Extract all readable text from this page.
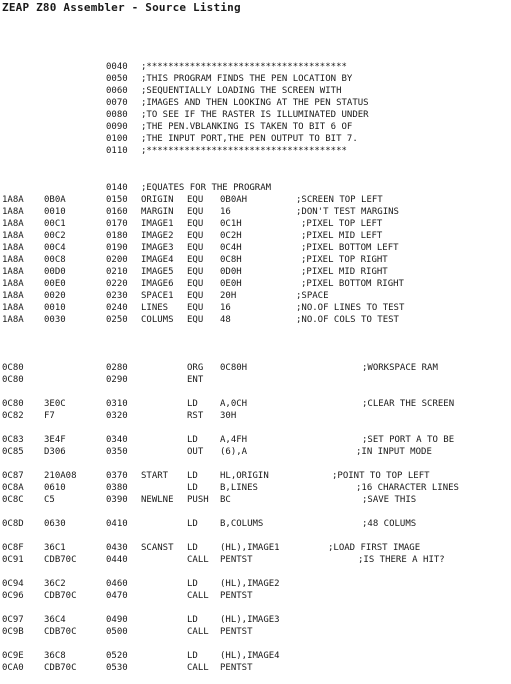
ZEAP Z80 Assembler - Source Listing
0040 ;*************************************
0050 ;THIS PROGRAM FINDS THE PEN LOCATION BY
0060 ;SEQUENTIALLY LOADING THE SCREEN WITH
0070 ;IMAGES AND THEN LOOKING AT THE PEN STATUS
0080 ;TO SEE IF THE RASTER IS ILLUMINATED UNDER
0090 ;THE PEN.VBLANKING IS TAKEN TO BIT 6 OF
0100 ;THE INPUT PORT,THE PEN OUTPUT TO BIT 7.
0110 ;*************************************
0140 ;EQUATES FOR THE PROGRAM
1A8A 0B0A	0150 ORIGIN EQU 0B0AH	;SCREEN TOP LEFT
1A8A 0010	0160 MARGIN EQU 16	;DON'T TEST MARGINS
1A8A 00C1	0170 IMAGE1 EQU 0C1H	;PIXEL TOP LEFT
1A8A 00C2	0180 IMAGE2 EQU 0C2H	;PIXEL MID LEFT
1A8A 00C4	0190 IMAGE3 EQU 0C4H	;PIXEL BOTTOM LEFT
1A8A 00C8	0200 IMAGE4 EQU 0C8H	;PIXEL TOP RIGHT
1A8A 00D0	0210 IMAGE5 EQU 0D0H	;PIXEL MID RIGHT
1A8A 00E0	0220 IMAGE6 EQU 0E0H	;PIXEL BOTTOM RIGHT
1A8A 0020	0230 SPACE1 EQU 20H	;SPACE
1A8A 0010	0240 LINES EQU 16	;NO.OF LINES TO TEST
1A8A 0030	0250 COLUMS EQU 48	;NO.OF COLS TO TEST
0C80	0280	ORG 0C80H	;WORKSPACE RAM
0C80	0290	ENT
0C80 3E0C	0310	LD A,0CH	;CLEAR THE SCREEN
0C82 F7	0320	RST 30H
0C83 3E4F	0340	LD A,4FH	;SET PORT A TO BE
0C85 D306	0350	OUT (6),A	;IN INPUT MODE
0C87 210A08	0370 START LD HL,ORIGIN	;POINT TO TOP LEFT
0C8A 0610	0380	LD B,LINES	;16 CHARACTER LINES
0C8C C5	0390 NEWLNE PUSH BC	;SAVE THIS
0C8D 0630	0410	LD B,COLUMS	;48 COLUMS
0C8F 36C1	0430 SCANST LD (HL),IMAGE1	;LOAD FIRST IMAGE
0C91 CDB70C	0440	CALL PENTST	;IS THERE A HIT?
0C94 36C2	0460	LD (HL),IMAGE2
0C96 CDB70C	0470	CALL PENTST
0C97 36C4	0490	LD (HL),IMAGE3
0C9B CDB70C	0500	CALL PENTST
0C9E 36C8	0520	LD (HL),IMAGE4
0CA0 CDB70C	0530	CALL PENTST
